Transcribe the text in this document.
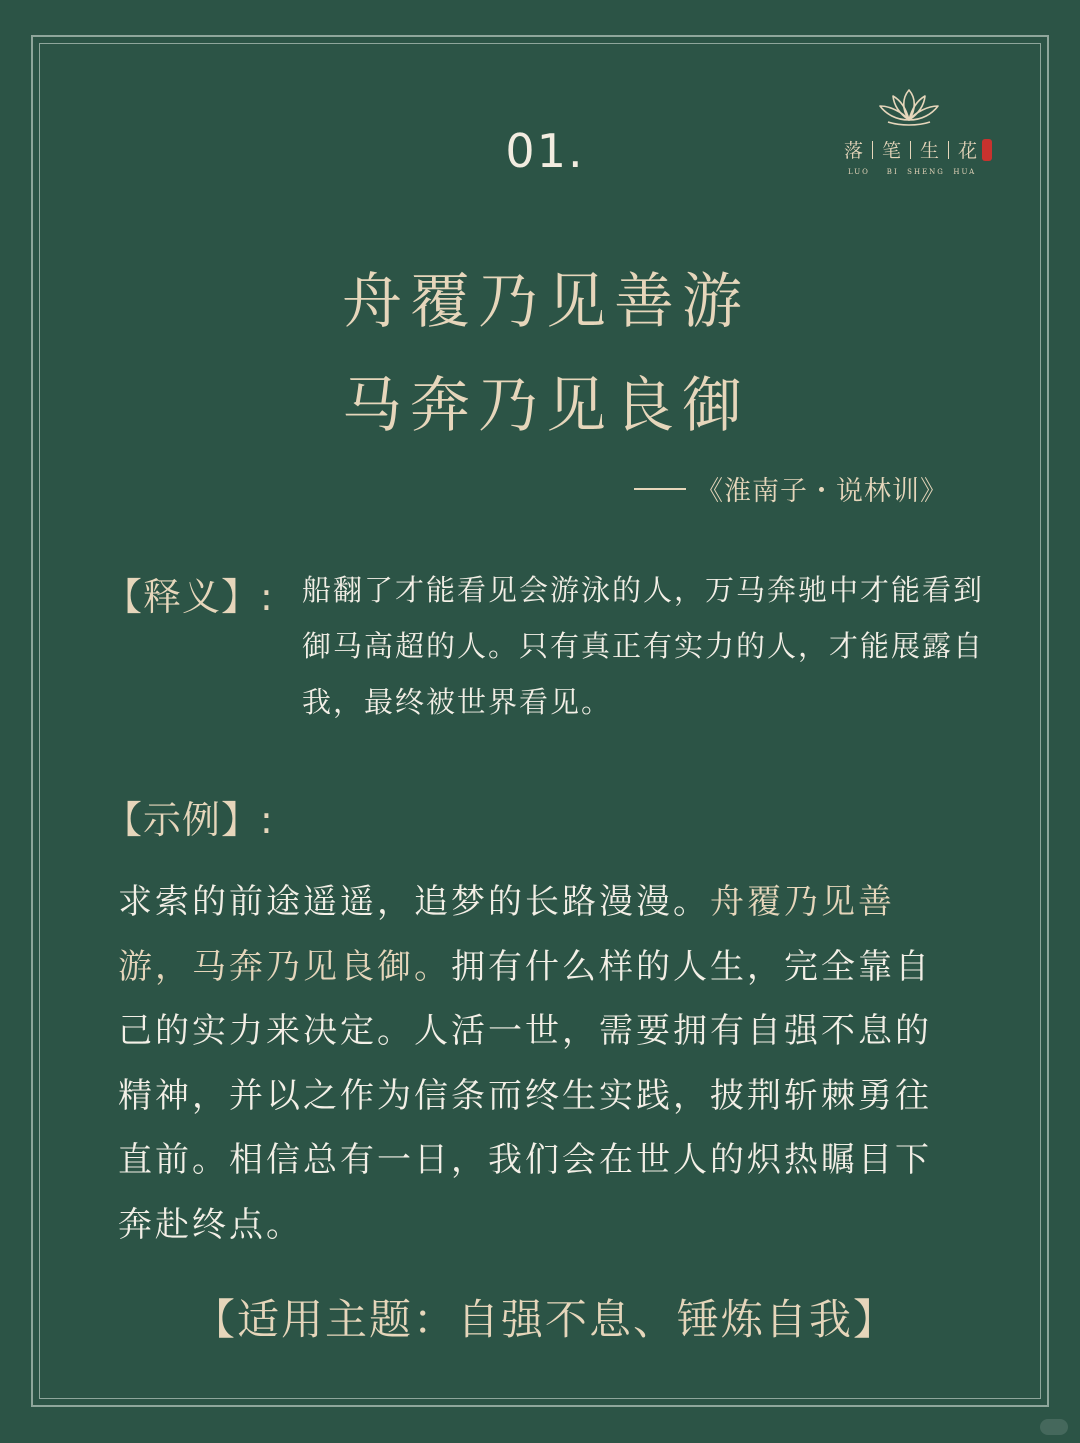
落 笔 生 花
LUO    BI  SHENG  HUA
01.
舟覆乃见善游
马奔乃见良御
《淮南子・说林训》
【释义】: 船翻了才能看见会游泳的人，万马奔驰中才能看到御马高超的人。只有真正有实力的人，才能展露自我，最终被世界看见。
【示例】:
求索的前途遥遥，追梦的长路漫漫。舟覆乃见善游，马奔乃见良御。拥有什么样的人生，完全靠自己的实力来决定。人活一世，需要拥有自强不息的精神，并以之作为信条而终生实践，披荆斩棘勇往直前。相信总有一日，我们会在世人的炽热瞩目下奔赴终点。
【适用主题：自强不息、锤炼自我】
